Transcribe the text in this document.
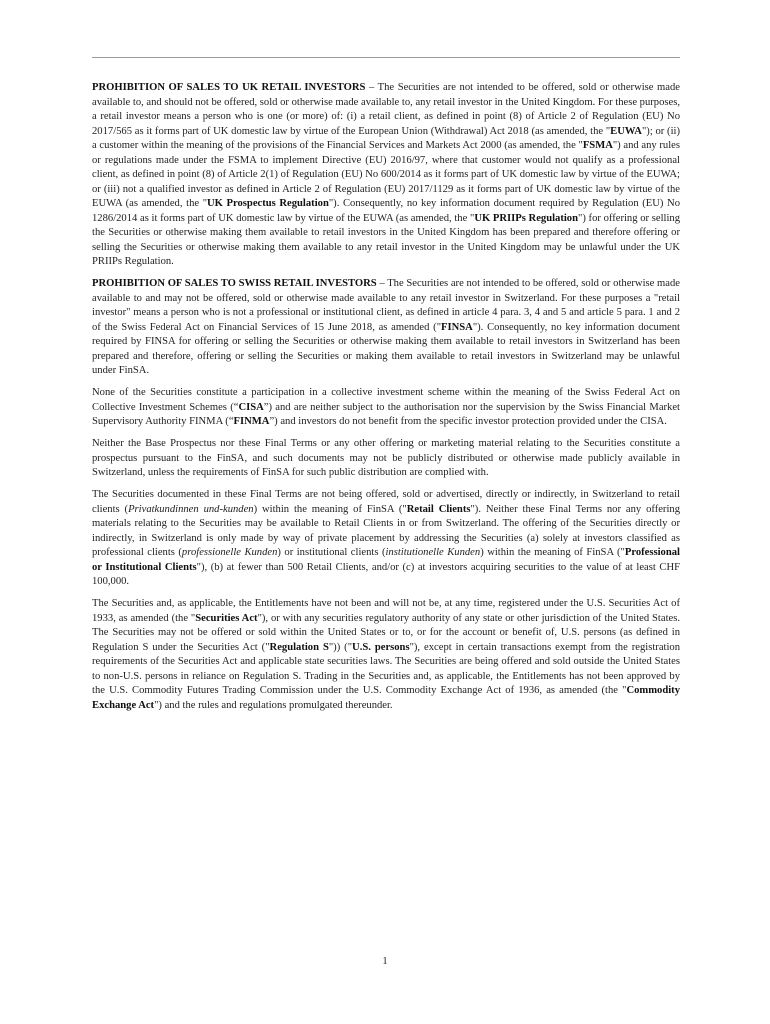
PROHIBITION OF SALES TO UK RETAIL INVESTORS – The Securities are not intended to be offered, sold or otherwise made available to, and should not be offered, sold or otherwise made available to, any retail investor in the United Kingdom. For these purposes, a retail investor means a person who is one (or more) of: (i) a retail client, as defined in point (8) of Article 2 of Regulation (EU) No 2017/565 as it forms part of UK domestic law by virtue of the European Union (Withdrawal) Act 2018 (as amended, the "EUWA"); or (ii) a customer within the meaning of the provisions of the Financial Services and Markets Act 2000 (as amended, the "FSMA") and any rules or regulations made under the FSMA to implement Directive (EU) 2016/97, where that customer would not qualify as a professional client, as defined in point (8) of Article 2(1) of Regulation (EU) No 600/2014 as it forms part of UK domestic law by virtue of the EUWA; or (iii) not a qualified investor as defined in Article 2 of Regulation (EU) 2017/1129 as it forms part of UK domestic law by virtue of the EUWA (as amended, the "UK Prospectus Regulation"). Consequently, no key information document required by Regulation (EU) No 1286/2014 as it forms part of UK domestic law by virtue of the EUWA (as amended, the "UK PRIIPs Regulation") for offering or selling the Securities or otherwise making them available to retail investors in the United Kingdom has been prepared and therefore offering or selling the Securities or otherwise making them available to any retail investor in the United Kingdom may be unlawful under the UK PRIIPs Regulation.

PROHIBITION OF SALES TO SWISS RETAIL INVESTORS – The Securities are not intended to be offered, sold or otherwise made available to and may not be offered, sold or otherwise made available to any retail investor in Switzerland. For these purposes a "retail investor" means a person who is not a professional or institutional client, as defined in article 4 para. 3, 4 and 5 and article 5 para. 1 and 2 of the Swiss Federal Act on Financial Services of 15 June 2018, as amended ("FINSA"). Consequently, no key information document required by FINSA for offering or selling the Securities or otherwise making them available to retail investors in Switzerland has been prepared and therefore, offering or selling the Securities or making them available to retail investors in Switzerland may be unlawful under FinSA.

None of the Securities constitute a participation in a collective investment scheme within the meaning of the Swiss Federal Act on Collective Investment Schemes (“CISA”) and are neither subject to the authorisation nor the supervision by the Swiss Financial Market Supervisory Authority FINMA (“FINMA”) and investors do not benefit from the specific investor protection provided under the CISA.

Neither the Base Prospectus nor these Final Terms or any other offering or marketing material relating to the Securities constitute a prospectus pursuant to the FinSA, and such documents may not be publicly distributed or otherwise made publicly available in Switzerland, unless the requirements of FinSA for such public distribution are complied with.

The Securities documented in these Final Terms are not being offered, sold or advertised, directly or indirectly, in Switzerland to retail clients (Privatkundinnen und-kunden) within the meaning of FinSA ("Retail Clients"). Neither these Final Terms nor any offering materials relating to the Securities may be available to Retail Clients in or from Switzerland. The offering of the Securities directly or indirectly, in Switzerland is only made by way of private placement by addressing the Securities (a) solely at investors classified as professional clients (professionelle Kunden) or institutional clients (institutionelle Kunden) within the meaning of FinSA ("Professional or Institutional Clients"), (b) at fewer than 500 Retail Clients, and/or (c) at investors acquiring securities to the value of at least CHF 100,000.

The Securities and, as applicable, the Entitlements have not been and will not be, at any time, registered under the U.S. Securities Act of 1933, as amended (the "Securities Act"), or with any securities regulatory authority of any state or other jurisdiction of the United States. The Securities may not be offered or sold within the United States or to, or for the account or benefit of, U.S. persons (as defined in Regulation S under the Securities Act ("Regulation S")) ("U.S. persons"), except in certain transactions exempt from the registration requirements of the Securities Act and applicable state securities laws. The Securities are being offered and sold outside the United States to non-U.S. persons in reliance on Regulation S. Trading in the Securities and, as applicable, the Entitlements has not been approved by the U.S. Commodity Futures Trading Commission under the U.S. Commodity Exchange Act of 1936, as amended (the "Commodity Exchange Act") and the rules and regulations promulgated thereunder.

1
